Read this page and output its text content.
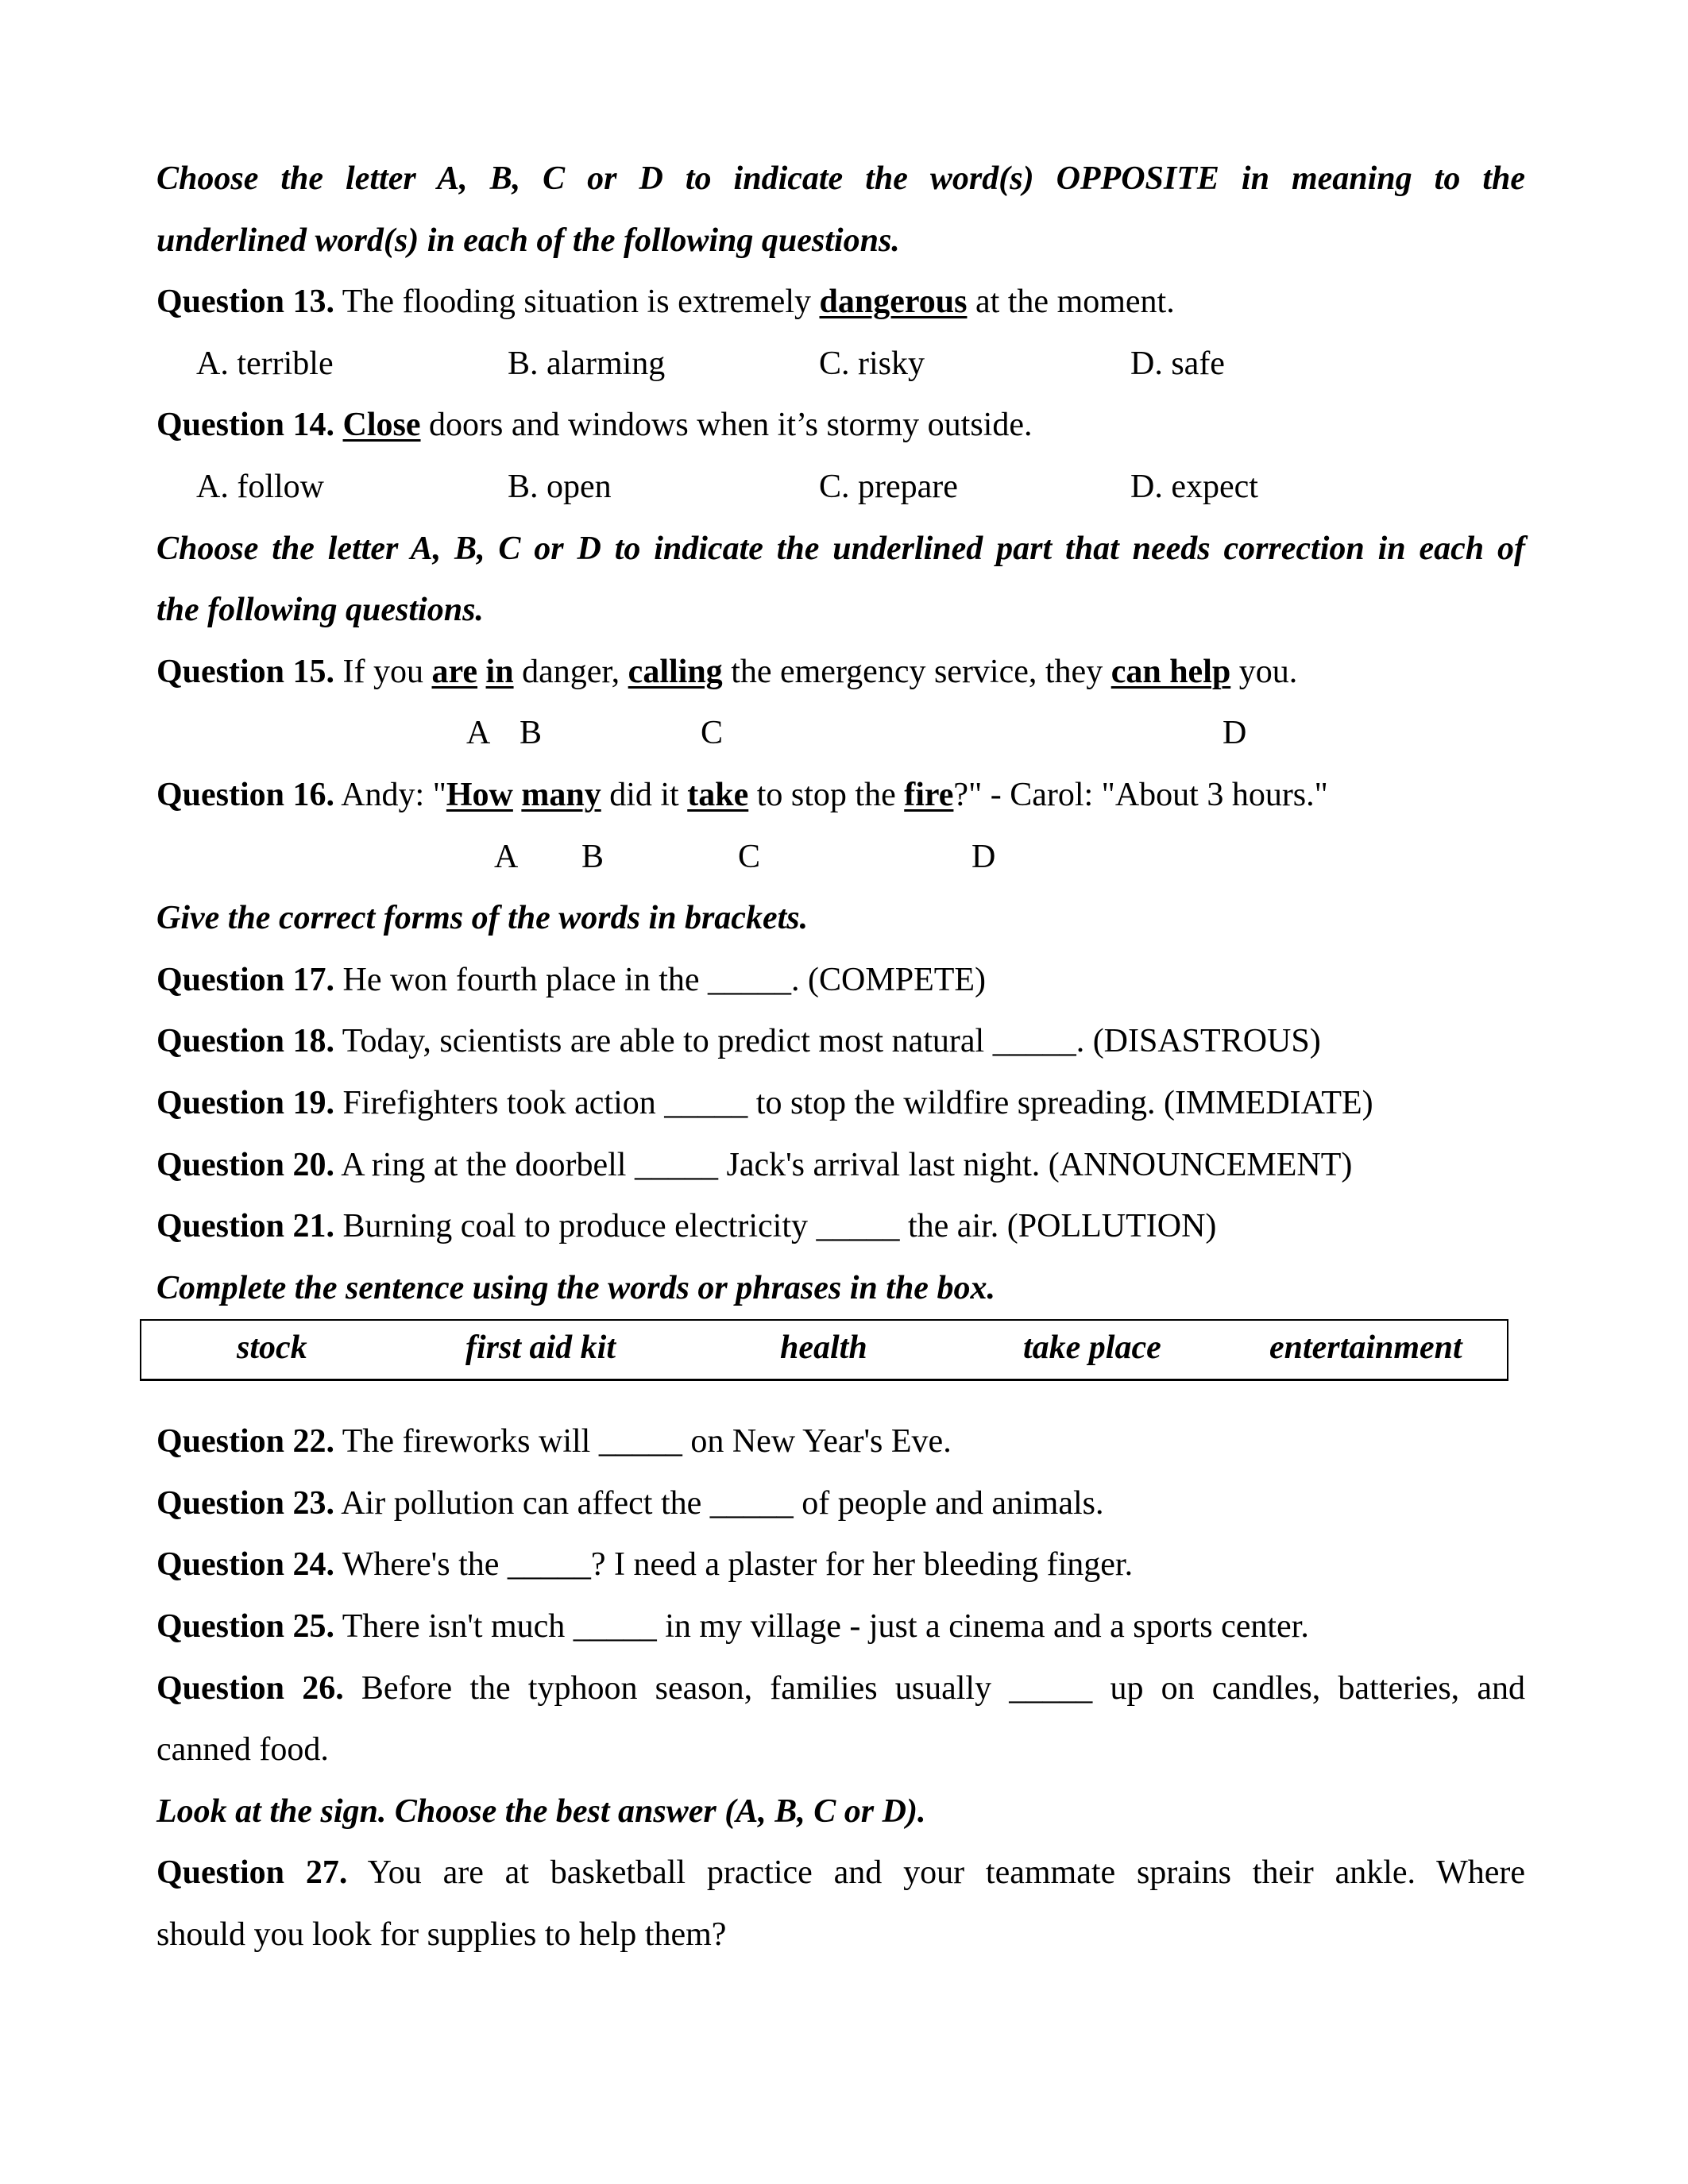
Choose the letter A, B, C or D to indicate the word(s) OPPOSITE in meaning to the
underlined word(s) in each of the following questions.
Question 13. The flooding situation is extremely dangerous at the moment.
A. terrible	B. alarming	C. risky	D. safe
Question 14. Close doors and windows when it’s stormy outside.
A. follow	B. open	C. prepare	D. expect
Choose the letter A, B, C or D to indicate the underlined part that needs correction in each of
the following questions.
Question 15. If you are in danger, calling the emergency service, they can help you.
A B	C	D
Question 16. Andy: "How many did it take to stop the fire?" - Carol: "About 3 hours."
A B	C	D
Give the correct forms of the words in brackets.
Question 17. He won fourth place in the _____. (COMPETE)
Question 18. Today, scientists are able to predict most natural _____. (DISASTROUS)
Question 19. Firefighters took action _____ to stop the wildfire spreading. (IMMEDIATE)
Question 20. A ring at the doorbell _____ Jack's arrival last night. (ANNOUNCEMENT)
Question 21. Burning coal to produce electricity _____ the air. (POLLUTION)
Complete the sentence using the words or phrases in the box.
stock	first aid kit	health	take place	entertainment
Question 22. The fireworks will _____ on New Year's Eve.
Question 23. Air pollution can affect the _____ of people and animals.
Question 24. Where's the _____? I need a plaster for her bleeding finger.
Question 25. There isn't much _____ in my village - just a cinema and a sports center.
Question 26. Before the typhoon season, families usually _____ up on candles, batteries, and
canned food.
Look at the sign. Choose the best answer (A, B, C or D).
Question 27. You are at basketball practice and your teammate sprains their ankle. Where
should you look for supplies to help them?
